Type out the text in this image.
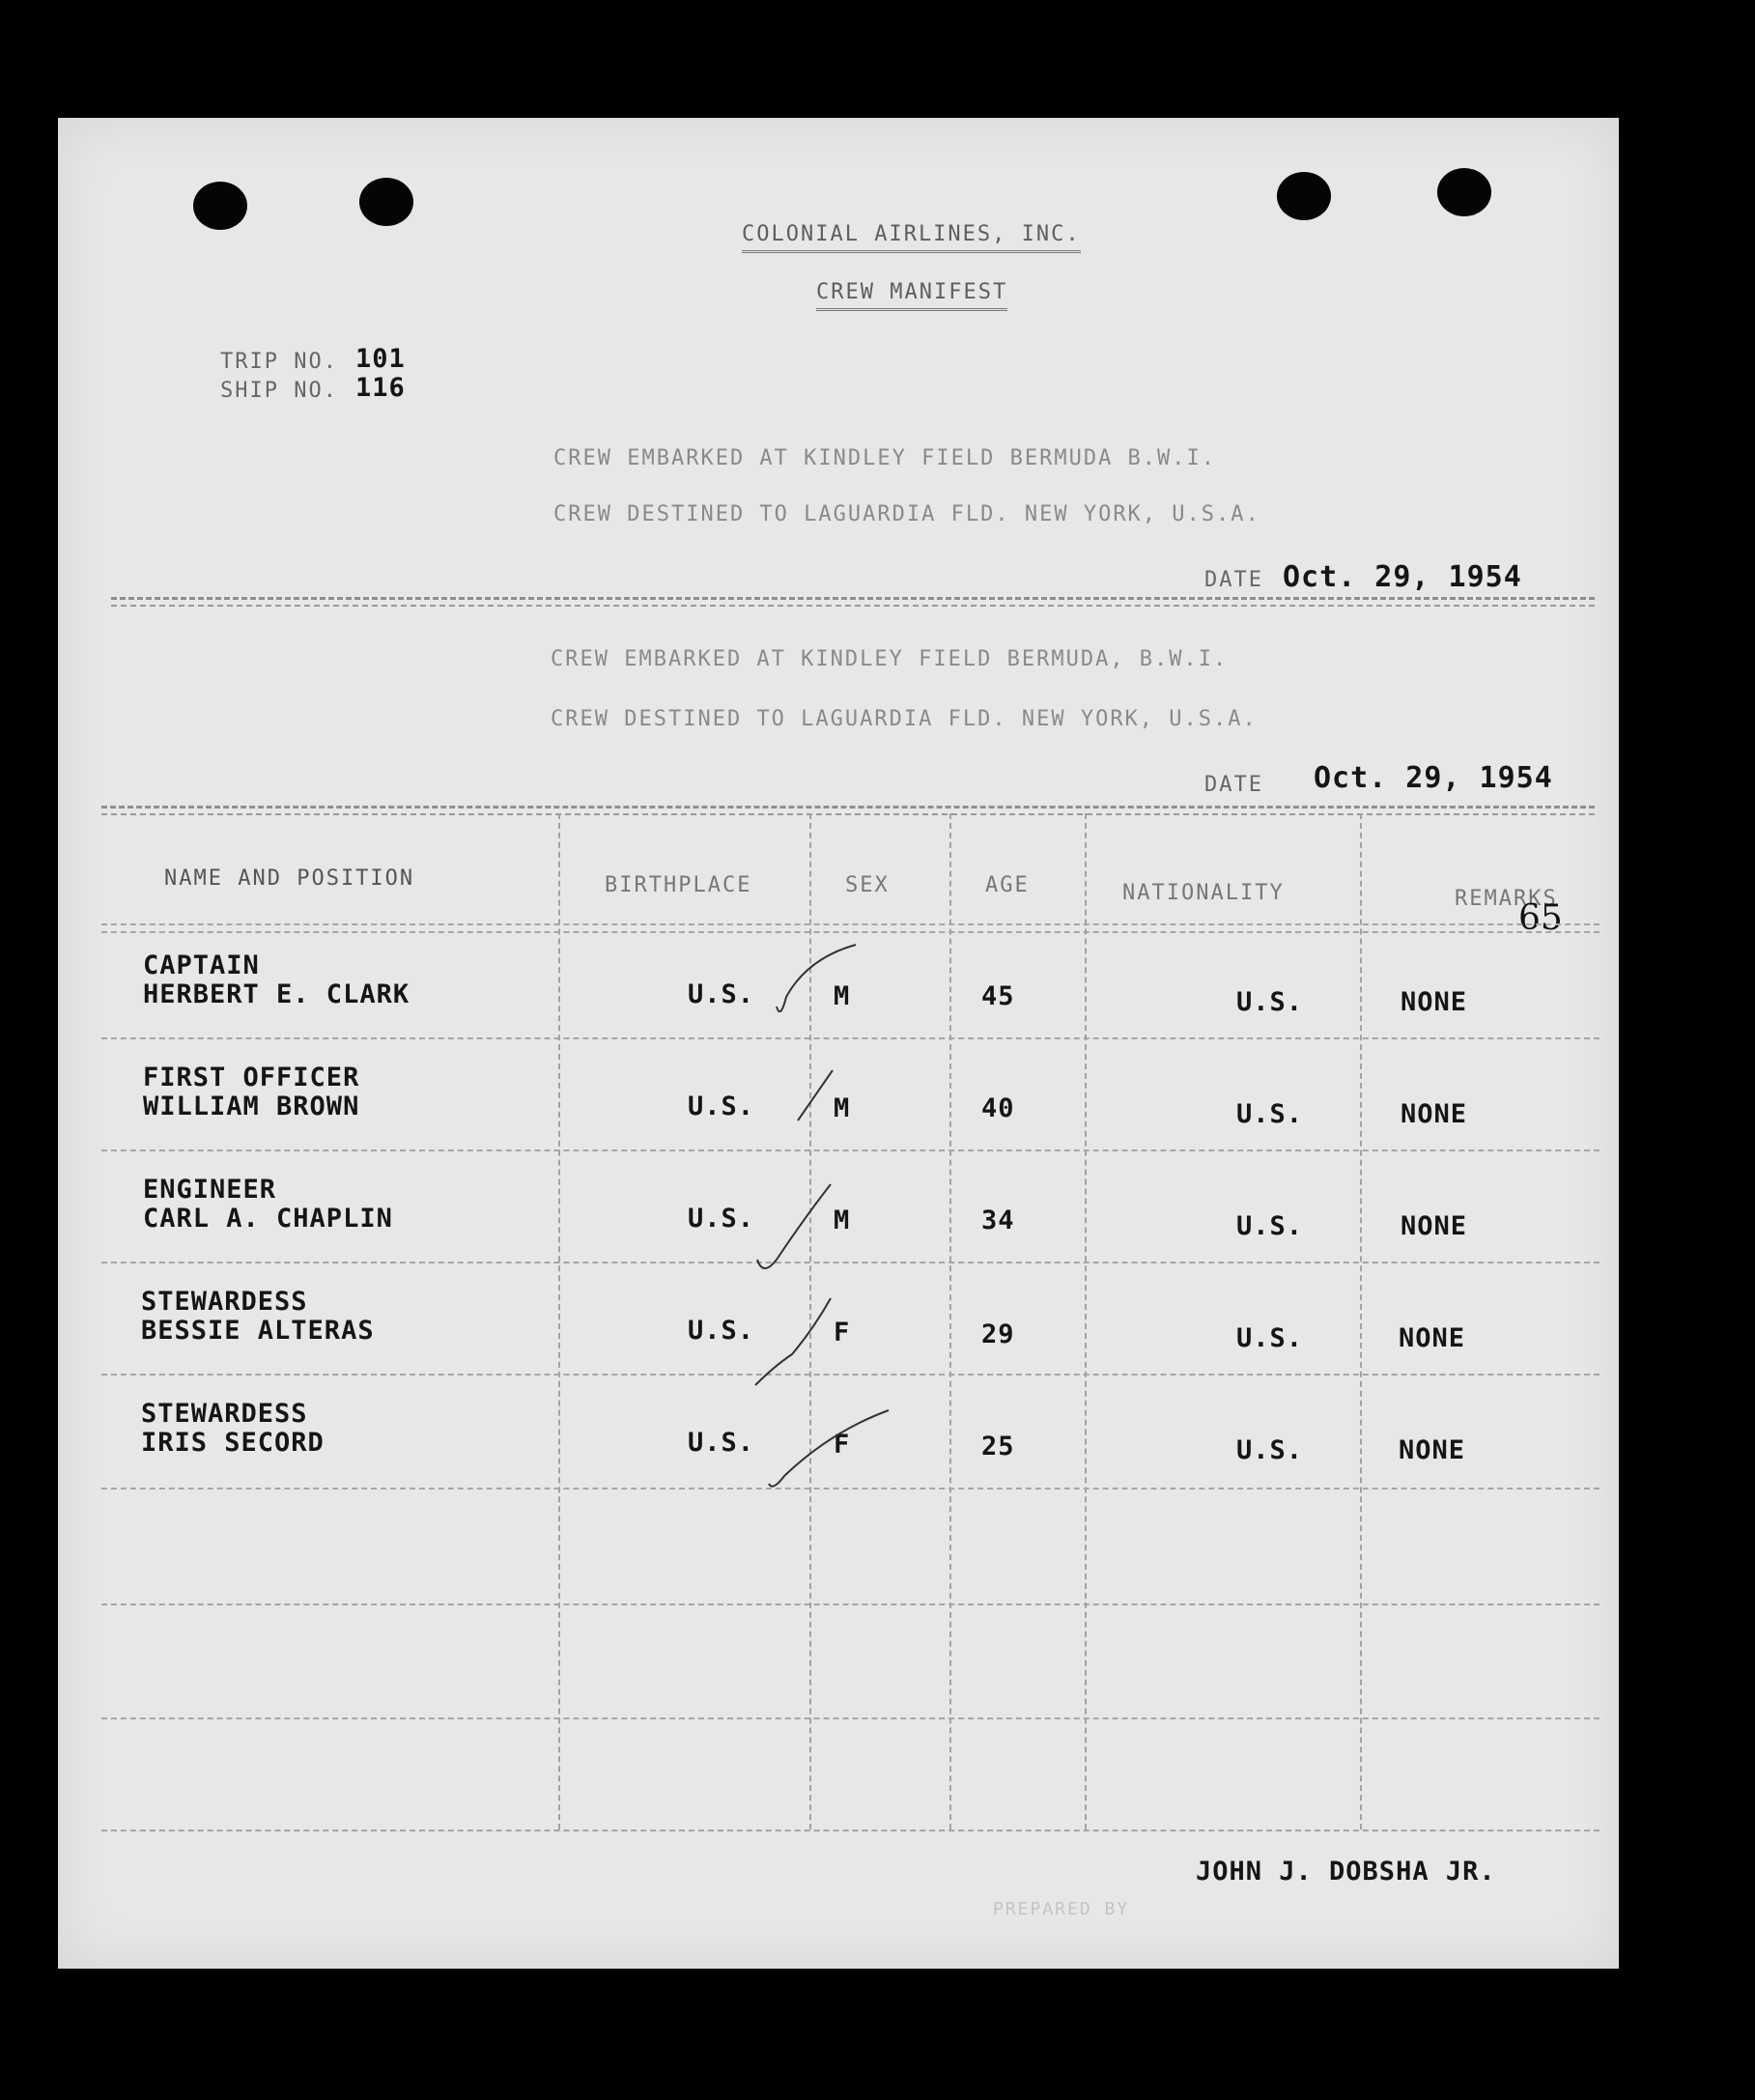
COLONIAL AIRLINES, INC.
CREW MANIFEST
TRIP NO. 101
SHIP NO. 116
CREW EMBARKED AT KINDLEY FIELD BERMUDA B.W.I.
CREW DESTINED TO LAGUARDIA FLD. NEW YORK, U.S.A.
DATE Oct. 29, 1954
CREW EMBARKED AT KINDLEY FIELD BERMUDA, B.W.I.
CREW DESTINED TO LAGUARDIA FLD. NEW YORK, U.S.A.
DATE Oct. 29, 1954
NAME AND POSITION	BIRTHPLACE	SEX	AGE	NATIONALITY	REMARKS
65
CAPTAIN
HERBERT E. CLARK	U.S.	M	45	U.S.	NONE
FIRST OFFICER
WILLIAM BROWN	U.S.	M	40	U.S.	NONE
ENGINEER
CARL A. CHAPLIN	U.S.	M	34	U.S.	NONE
STEWARDESS
BESSIE ALTERAS	U.S.	F	29	U.S.	NONE
STEWARDESS
IRIS SECORD	U.S.	F	25	U.S.	NONE
JOHN J. DOBSHA JR.
PREPARED BY
